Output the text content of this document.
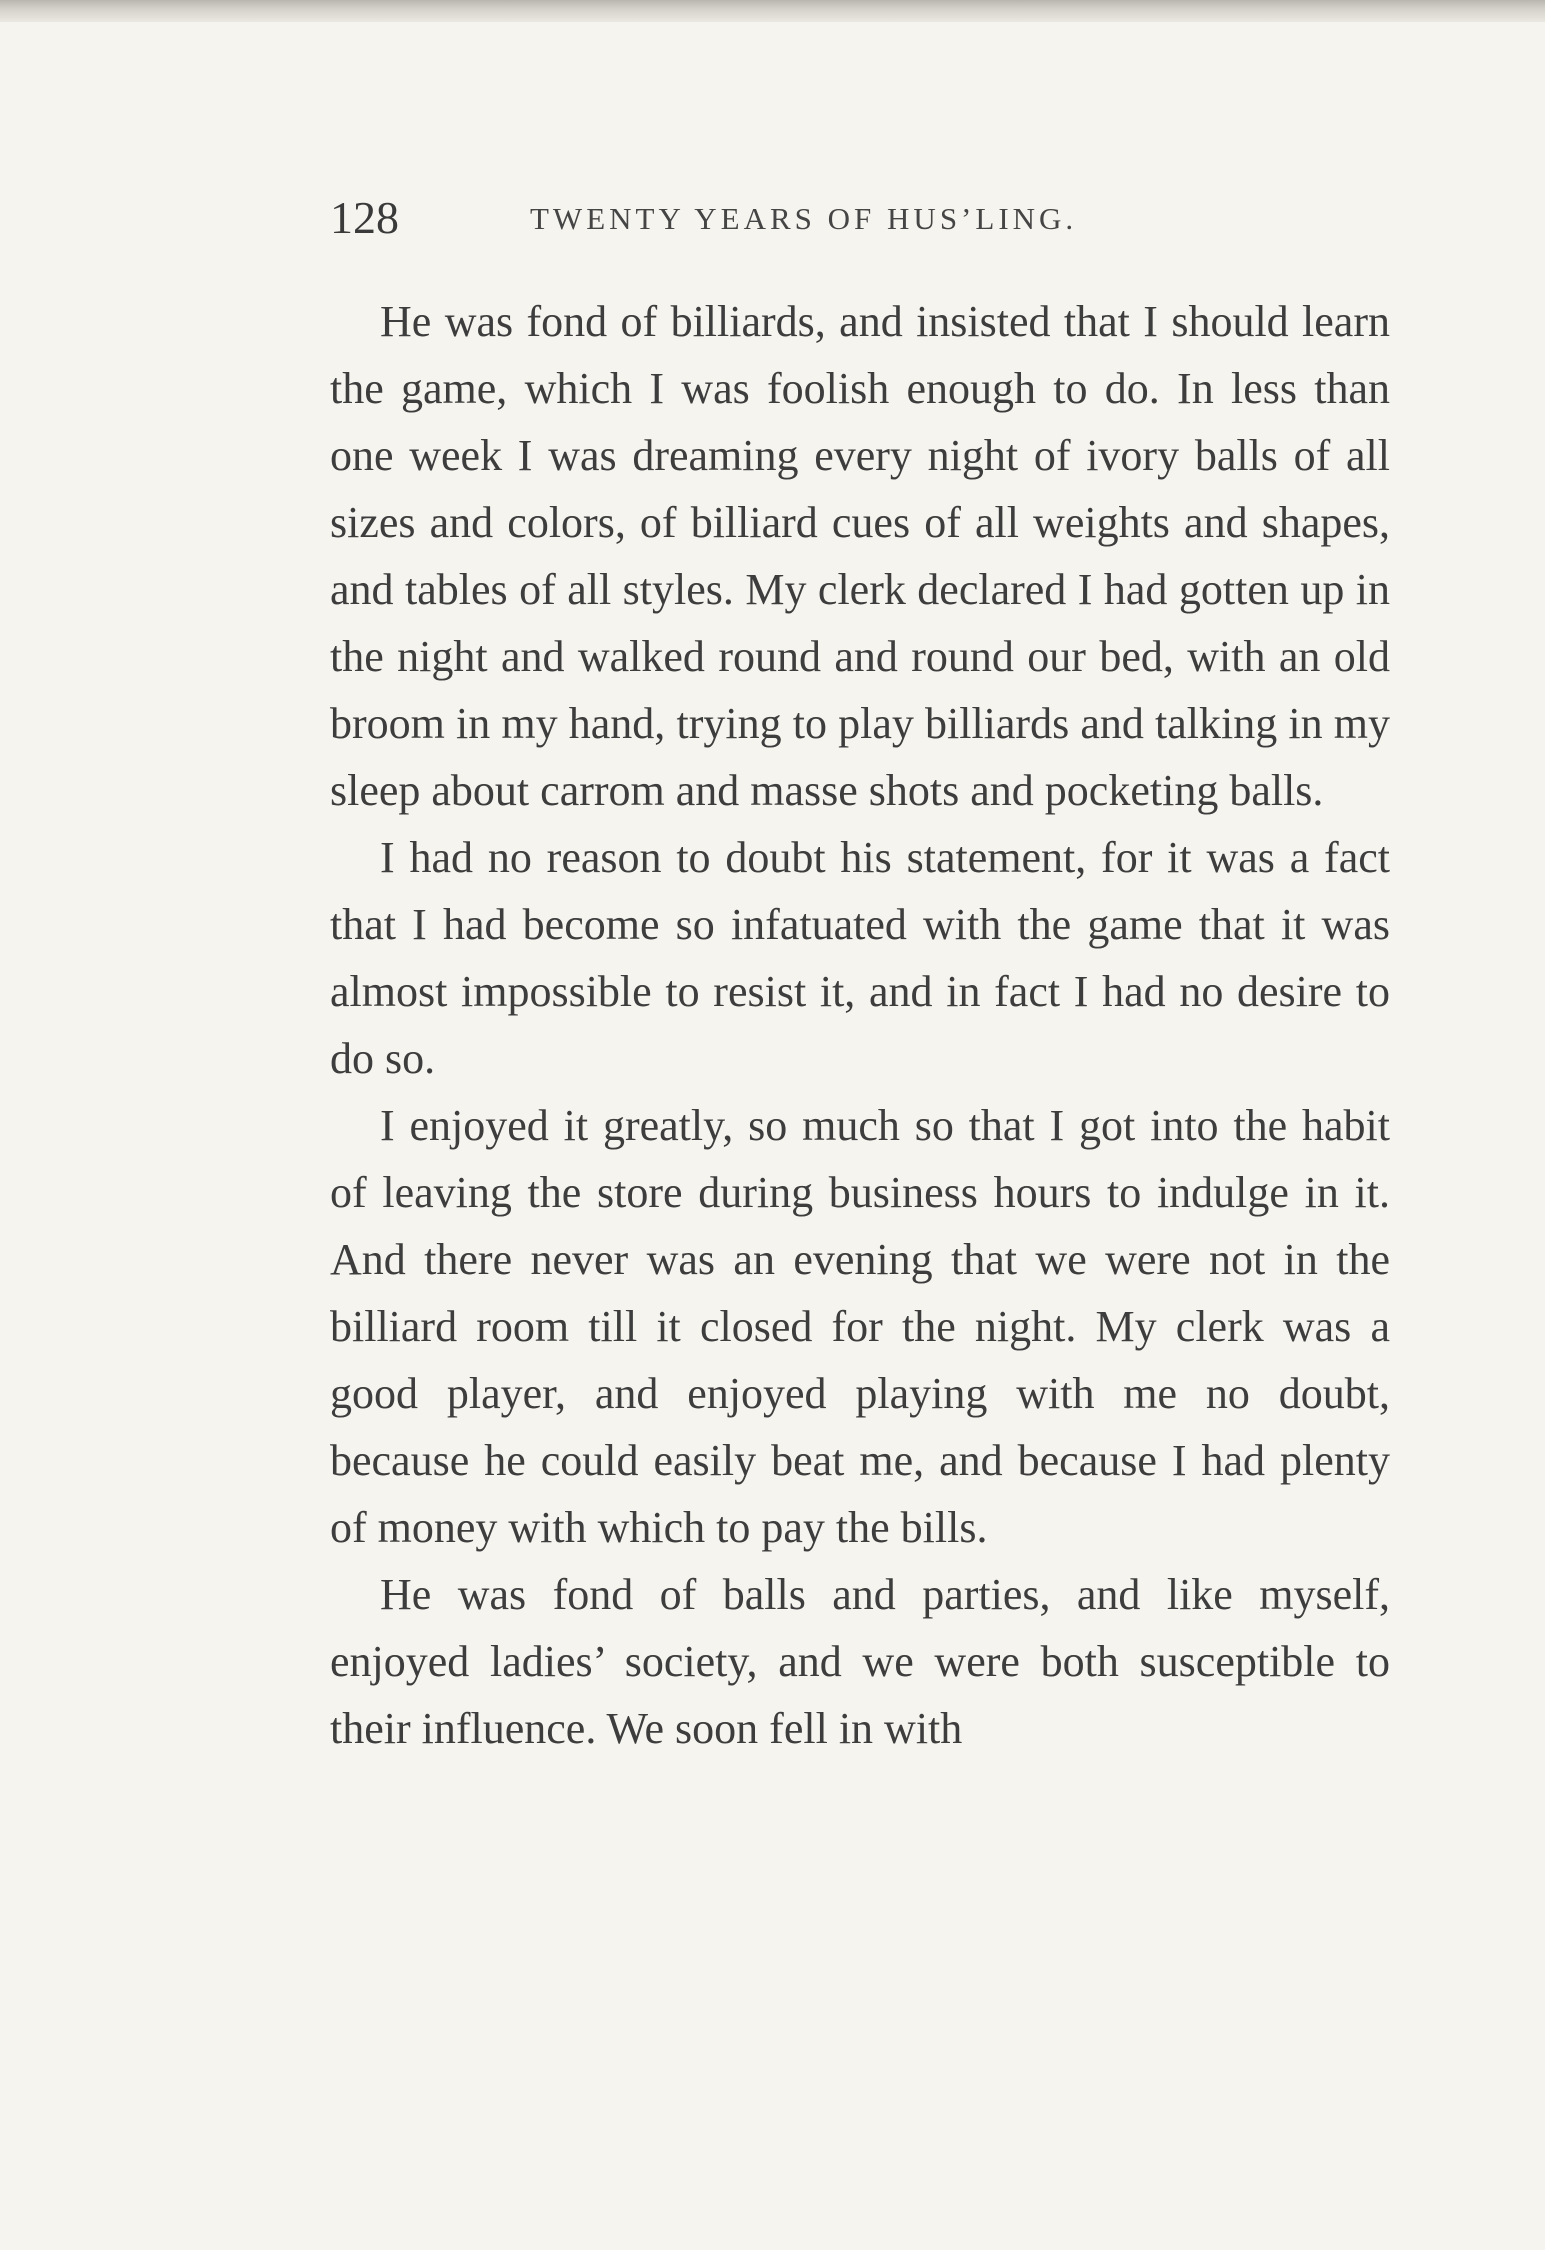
128	TWENTY YEARS OF HUS’LING.

He was fond of billiards, and insisted that I should learn the game, which I was foolish enough to do. In less than one week I was dreaming every night of ivory balls of all sizes and colors, of billiard cues of all weights and shapes, and tables of all styles. My clerk declared I had gotten up in the night and walked round and round our bed, with an old broom in my hand, trying to play billiards and talking in my sleep about carrom and masse shots and pocketing balls.

I had no reason to doubt his statement, for it was a fact that I had become so infatuated with the game that it was almost impossible to resist it, and in fact I had no desire to do so.

I enjoyed it greatly, so much so that I got into the habit of leaving the store during business hours to indulge in it. And there never was an evening that we were not in the billiard room till it closed for the night. My clerk was a good player, and enjoyed playing with me no doubt, because he could easily beat me, and because I had plenty of money with which to pay the bills.

He was fond of balls and parties, and like myself, enjoyed ladies’ society, and we were both susceptible to their influence. We soon fell in with
